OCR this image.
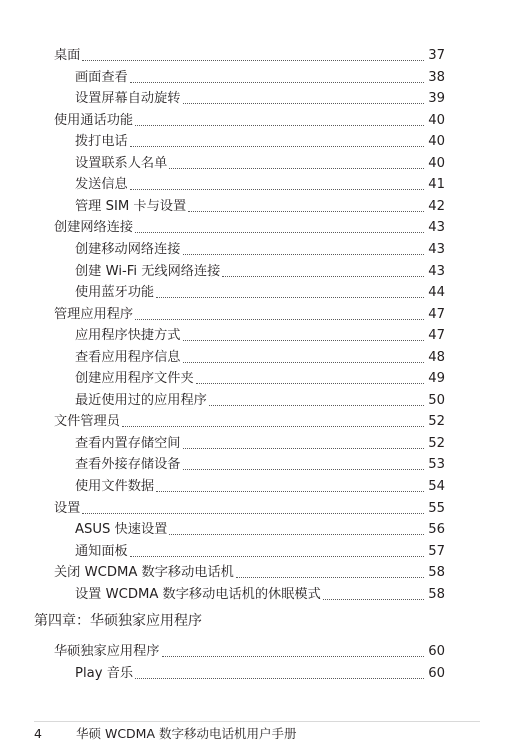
第四章：华硕独家应用程序
4	华硕 WCDMA 数字移动电话机用户手册
桌面	37
画面查看	38
设置屏幕自动旋转	39
使用通话功能	40
拨打电话	40
设置联系人名单	40
发送信息	41
管理 SIM 卡与设置	42
创建网络连接	43
创建移动网络连接	43
创建 Wi-Fi 无线网络连接	43
使用蓝牙功能	44
管理应用程序	47
应用程序快捷方式	47
查看应用程序信息	48
创建应用程序文件夹	49
最近使用过的应用程序	50
文件管理员	52
查看内置存储空间	52
查看外接存储设备	53
使用文件数据	54
设置	55
ASUS 快速设置	56
通知面板	57
关闭 WCDMA 数字移动电话机	58
设置 WCDMA 数字移动电话机的休眠模式	58
华硕独家应用程序	60
Play 音乐	60
